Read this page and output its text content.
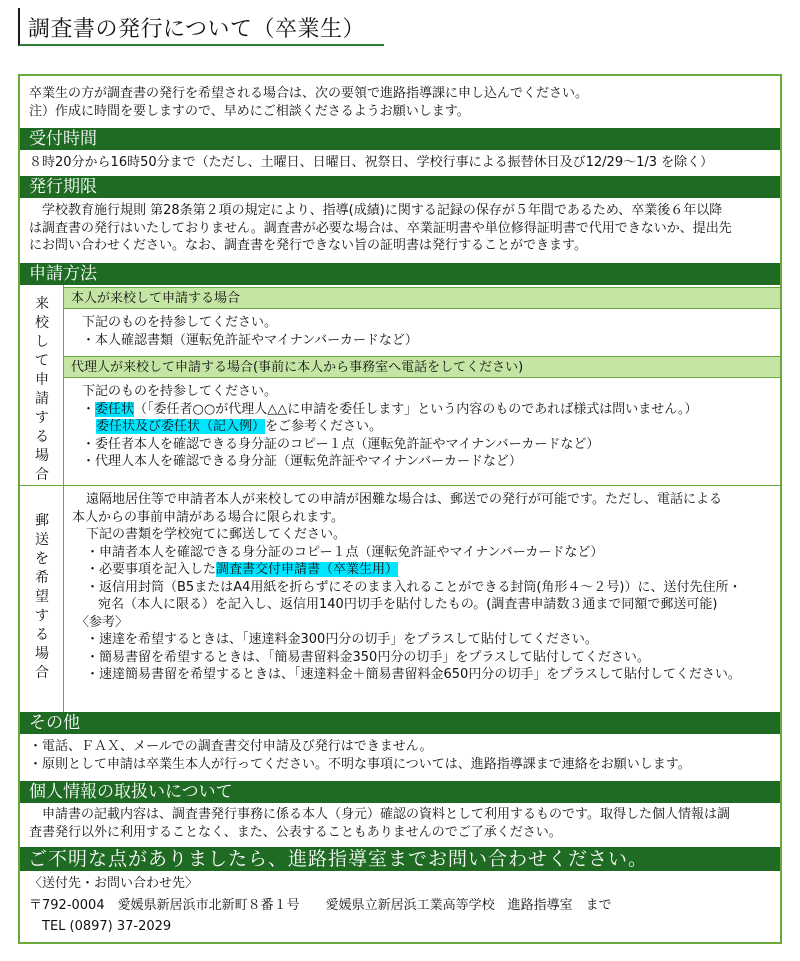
調査書の発行について（卒業生）
卒業生の方が調査書の発行を希望される場合は、次の要領で進路指導課に申し込んでください。
注）作成に時間を要しますので、早めにご相談くださるようお願いします。
受付時間
８時20分から16時50分まで（ただし、土曜日、日曜日、祝祭日、学校行事による振替休日及び12/29～1/3 を除く）
発行期限
　学校教育施行規則 第28条第２項の規定により、指導(成績)に関する記録の保存が５年間であるため、卒業後６年以降
は調査書の発行はいたしておりません。調査書が必要な場合は、卒業証明書や単位修得証明書で代用できないか、提出先
にお問い合わせください。なお、調査書を発行できない旨の証明書は発行することができます。
申請方法
来
校
し
て
申
請
す
る
場
合
本人が来校して申請する場合
下記のものを持参してください。
・本人確認書類（運転免許証やマイナンバーカードなど）
代理人が来校して申請する場合(事前に本人から事務室へ電話をしてください)
下記のものを持参してください。
・委任状（「委任者○○が代理人△△に申請を委任します」という内容のものであれば様式は問いません。）
委任状及び委任状（記入例）をご参考ください。
・委任者本人を確認できる身分証のコピー１点（運転免許証やマイナンバーカードなど）
・代理人本人を確認できる身分証（運転免許証やマイナンバーカードなど）
郵
送
を
希
望
す
る
場
合
遠隔地居住等で申請者本人が来校しての申請が困難な場合は、郵送での発行が可能です。ただし、電話による
本人からの事前申請がある場合に限られます。
下記の書類を学校宛てに郵送してください。
・申請者本人を確認できる身分証のコピー１点（運転免許証やマイナンバーカードなど）
・必要事項を記入した調査書交付申請書（卒業生用）
・返信用封筒（B5またはA4用紙を折らずにそのまま入れることができる封筒(角形４～２号)）に、送付先住所・
宛名（本人に限る）を記入し、返信用140円切手を貼付したもの。(調査書申請数３通まで同額で郵送可能)
〈参考〉
・速達を希望するときは、「速達料金300円分の切手」をプラスして貼付してください。
・簡易書留を希望するときは、「簡易書留料金350円分の切手」をプラスして貼付してください。
・速達簡易書留を希望するときは、「速達料金＋簡易書留料金650円分の切手」をプラスして貼付してください。
その他
・電話、ＦＡＸ、メールでの調査書交付申請及び発行はできません。
・原則として申請は卒業生本人が行ってください。不明な事項については、進路指導課まで連絡をお願いします。
個人情報の取扱いについて
　申請書の記載内容は、調査書発行事務に係る本人（身元）確認の資料として利用するものです。取得した個人情報は調
査書発行以外に利用することなく、また、公表することもありませんのでご了承ください。
ご不明な点がありましたら、進路指導室までお問い合わせください。
〈送付先・お問い合わせ先〉
〒792-0004　愛媛県新居浜市北新町８番１号　　愛媛県立新居浜工業高等学校　進路指導室　まで
　TEL (0897) 37-2029
